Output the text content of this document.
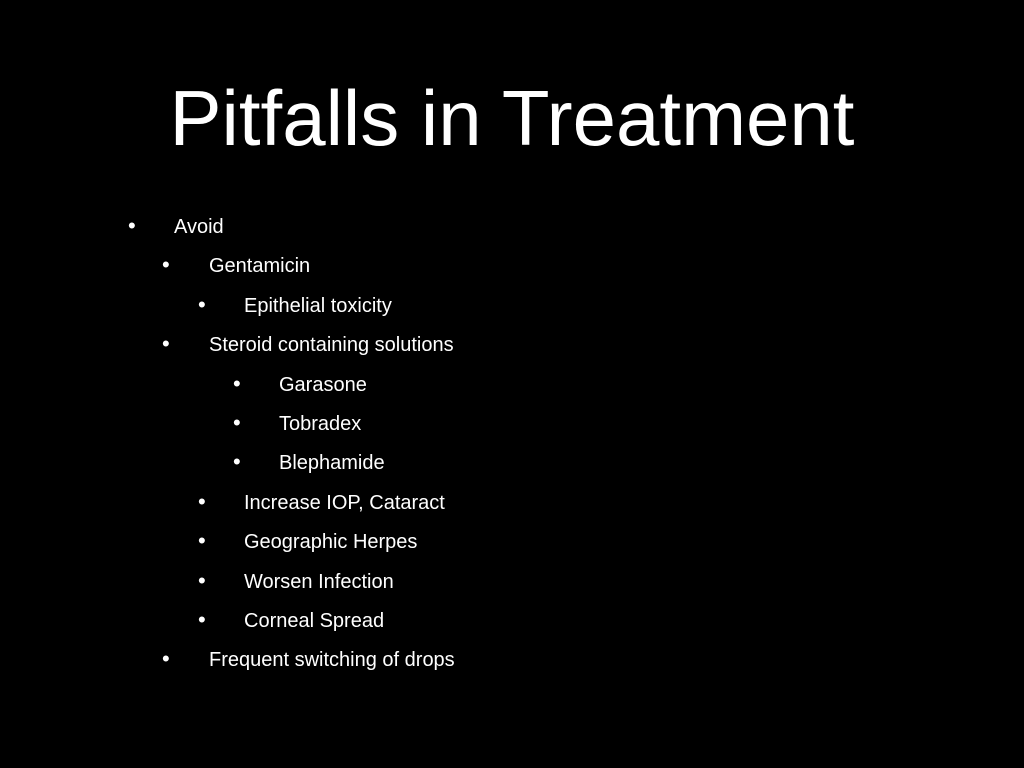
Pitfalls in Treatment
• Avoid
• Gentamicin
• Epithelial toxicity
• Steroid containing solutions
• Garasone
• Tobradex
• Blephamide
• Increase IOP, Cataract
• Geographic Herpes
• Worsen Infection
• Corneal Spread
• Frequent switching of drops
